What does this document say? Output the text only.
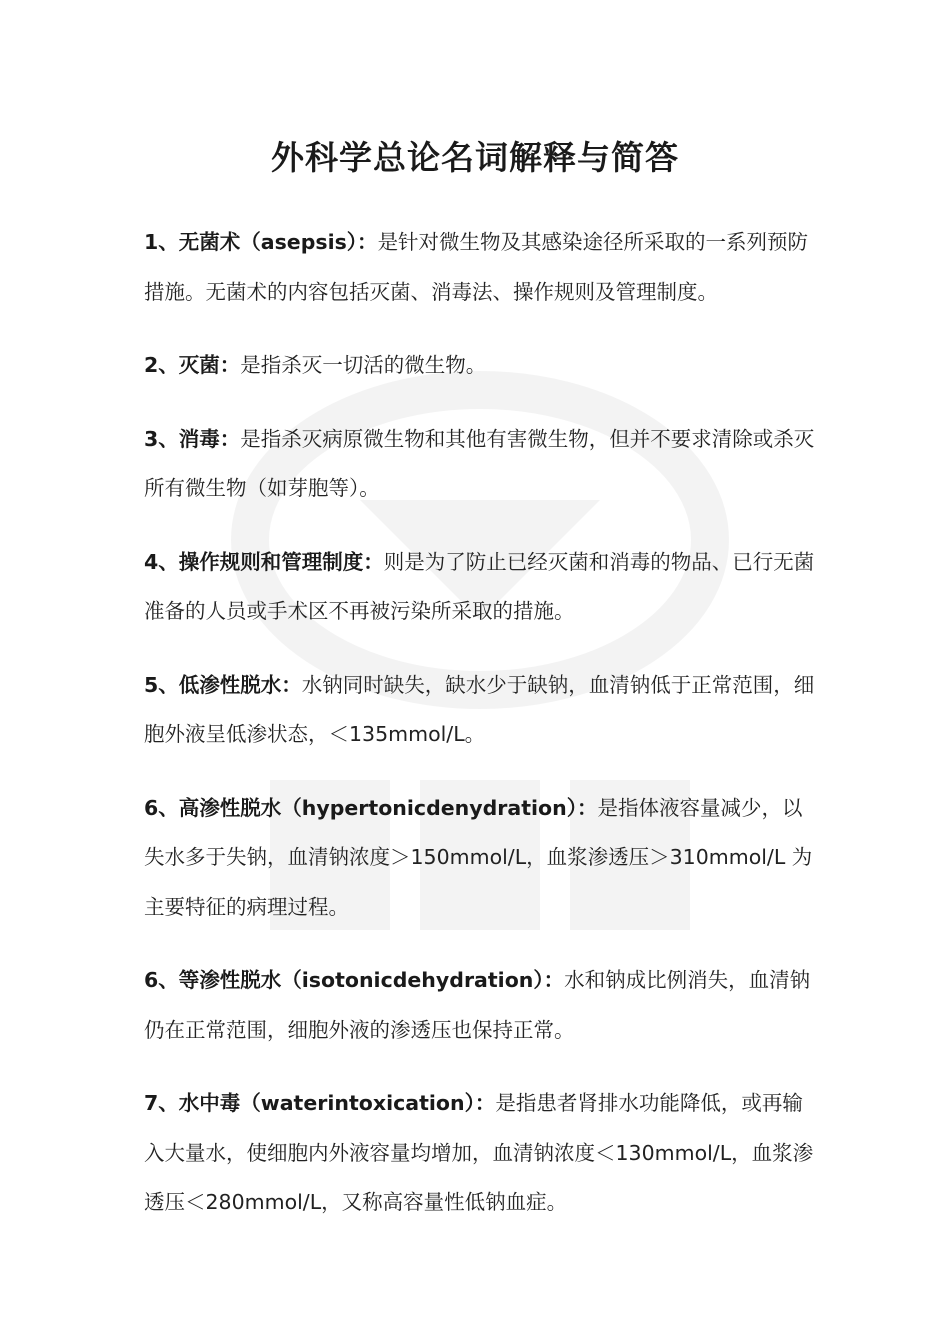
外科学总论名词解释与简答
1、无菌术（asepsis）：是针对微生物及其感染途径所采取的一系列预防措施。无菌术的内容包括灭菌、消毒法、操作规则及管理制度。
2、灭菌：是指杀灭一切活的微生物。
3、消毒：是指杀灭病原微生物和其他有害微生物，但并不要求清除或杀灭所有微生物（如芽胞等）。
4、操作规则和管理制度：则是为了防止已经灭菌和消毒的物品、已行无菌准备的人员或手术区不再被污染所采取的措施。
5、低渗性脱水：水钠同时缺失，缺水少于缺钠，血清钠低于正常范围，细胞外液呈低渗状态，＜135mmol/L。
6、高渗性脱水（hypertonicdenydration）：是指体液容量减少，以失水多于失钠，血清钠浓度＞150mmol/L，血浆渗透压＞310mmol/L 为主要特征的病理过程。
6、等渗性脱水（isotonicdehydration）：水和钠成比例消失，血清钠仍在正常范围，细胞外液的渗透压也保持正常。
7、水中毒（waterintoxication）：是指患者肾排水功能降低，或再输入大量水，使细胞内外液容量均增加，血清钠浓度＜130mmol/L，血浆渗透压＜280mmol/L，又称高容量性低钠血症。
